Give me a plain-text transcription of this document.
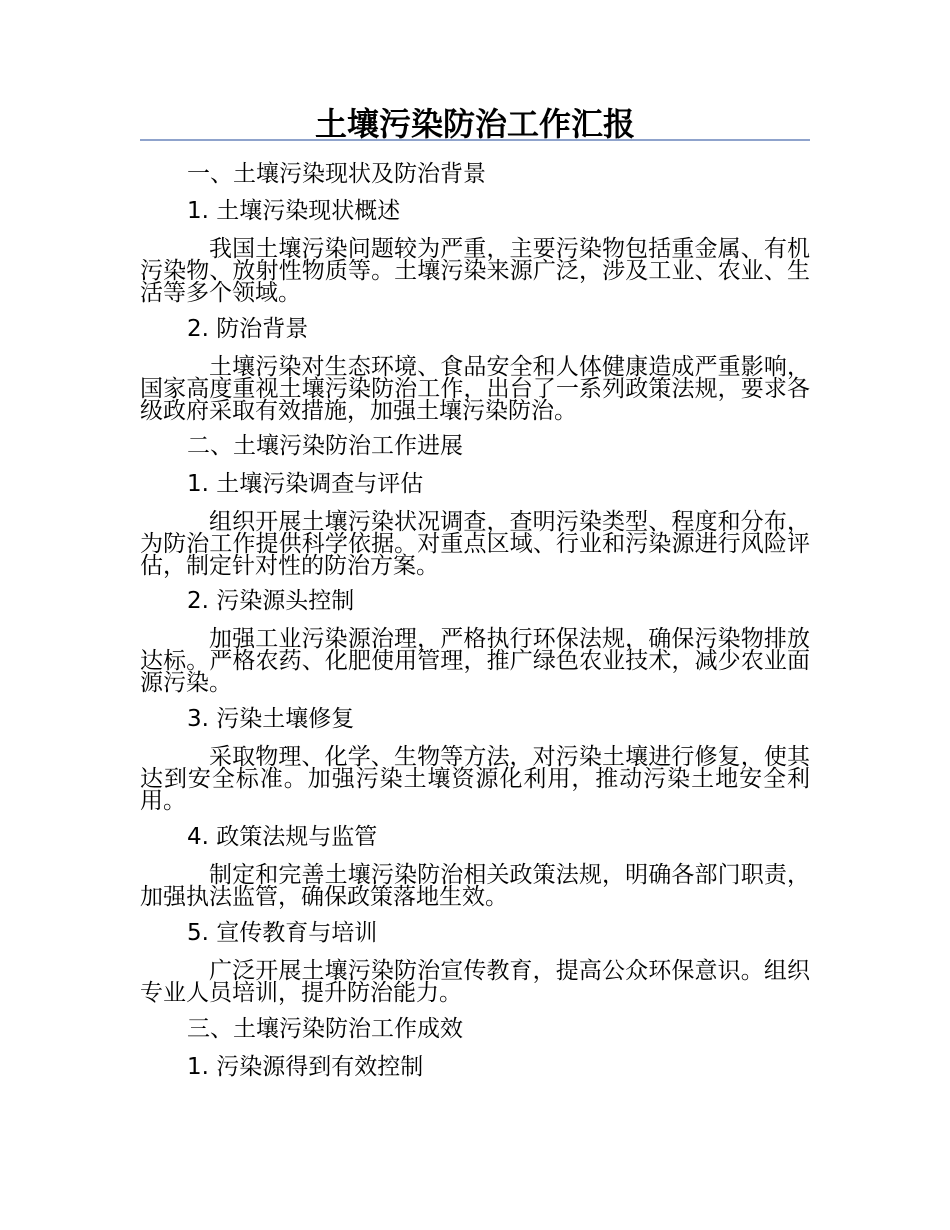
土壤污染防治工作汇报
一、土壤污染现状及防治背景
1. 土壤污染现状概述
我国土壤污染问题较为严重，主要污染物包括重金属、有机污染物、放射性物质等。土壤污染来源广泛，涉及工业、农业、生活等多个领域。
2. 防治背景
土壤污染对生态环境、食品安全和人体健康造成严重影响，国家高度重视土壤污染防治工作，出台了一系列政策法规，要求各级政府采取有效措施，加强土壤污染防治。
二、土壤污染防治工作进展
1. 土壤污染调查与评估
组织开展土壤污染状况调查，查明污染类型、程度和分布，为防治工作提供科学依据。对重点区域、行业和污染源进行风险评估，制定针对性的防治方案。
2. 污染源头控制
加强工业污染源治理，严格执行环保法规，确保污染物排放达标。严格农药、化肥使用管理，推广绿色农业技术，减少农业面源污染。
3. 污染土壤修复
采取物理、化学、生物等方法，对污染土壤进行修复，使其达到安全标准。加强污染土壤资源化利用，推动污染土地安全利用。
4. 政策法规与监管
制定和完善土壤污染防治相关政策法规，明确各部门职责，加强执法监管，确保政策落地生效。
5. 宣传教育与培训
广泛开展土壤污染防治宣传教育，提高公众环保意识。组织专业人员培训，提升防治能力。
三、土壤污染防治工作成效
1. 污染源得到有效控制
